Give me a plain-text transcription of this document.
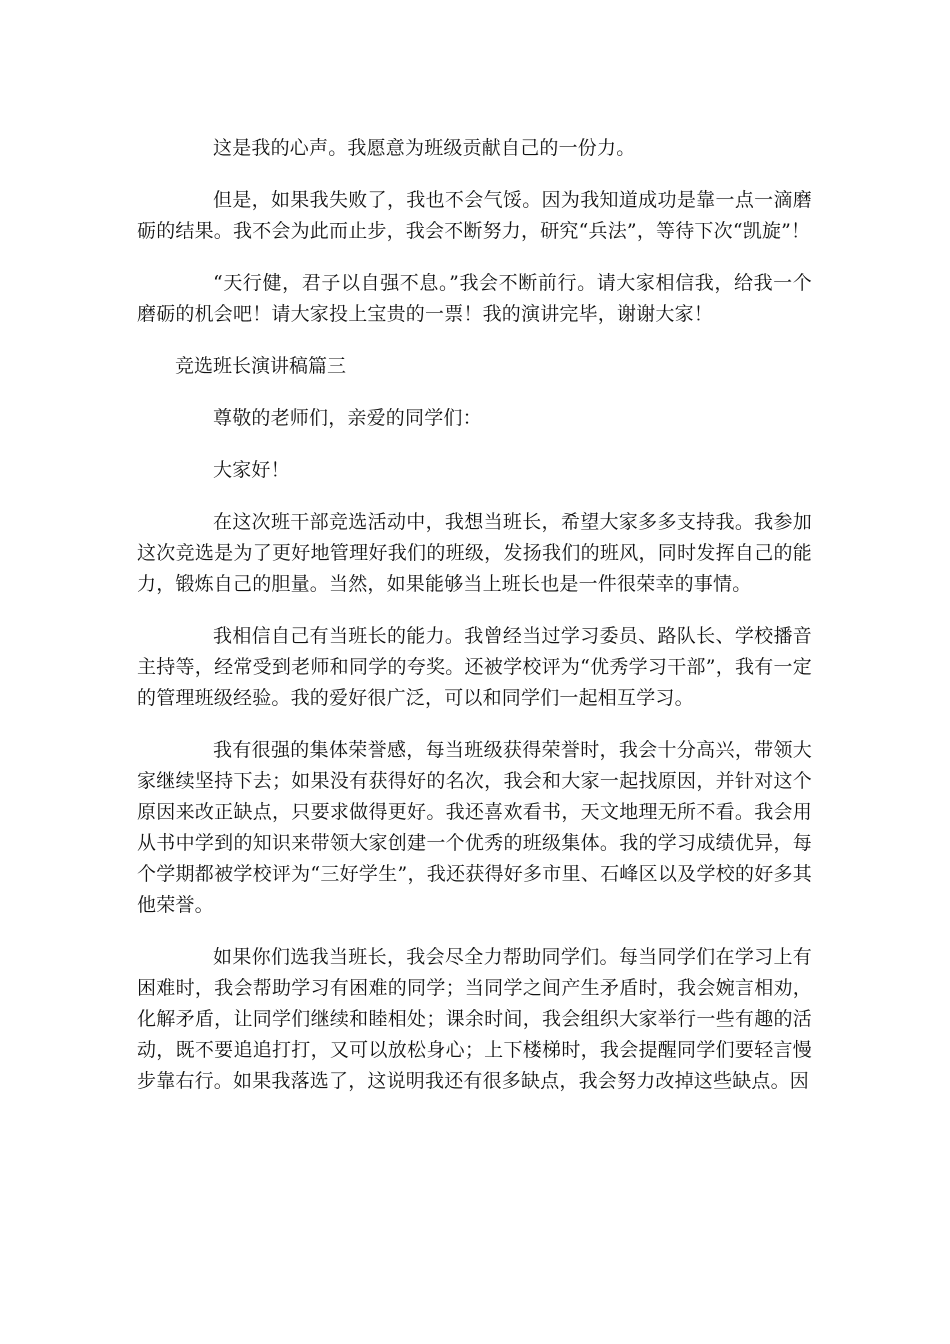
这是我的心声。我愿意为班级贡献自己的一份力。

但是，如果我失败了，我也不会气馁。因为我知道成功是靠一点一滴磨砺的结果。我不会为此而止步，我会不断努力，研究“兵法”，等待下次“凯旋”！

“天行健，君子以自强不息。”我会不断前行。请大家相信我，给我一个磨砺的机会吧！请大家投上宝贵的一票！我的演讲完毕，谢谢大家！

竞选班长演讲稿篇三

尊敬的老师们，亲爱的同学们：

大家好！

在这次班干部竞选活动中，我想当班长，希望大家多多支持我。我参加这次竞选是为了更好地管理好我们的班级，发扬我们的班风，同时发挥自己的能力，锻炼自己的胆量。当然，如果能够当上班长也是一件很荣幸的事情。

我相信自己有当班长的能力。我曾经当过学习委员、路队长、学校播音主持等，经常受到老师和同学的夸奖。还被学校评为“优秀学习干部”，我有一定的管理班级经验。我的爱好很广泛，可以和同学们一起相互学习。

我有很强的集体荣誉感，每当班级获得荣誉时，我会十分高兴，带领大家继续坚持下去；如果没有获得好的名次，我会和大家一起找原因，并针对这个原因来改正缺点，只要求做得更好。我还喜欢看书，天文地理无所不看。我会用从书中学到的知识来带领大家创建一个优秀的班级集体。我的学习成绩优异，每个学期都被学校评为“三好学生”，我还获得好多市里、石峰区以及学校的好多其他荣誉。

如果你们选我当班长，我会尽全力帮助同学们。每当同学们在学习上有困难时，我会帮助学习有困难的同学；当同学之间产生矛盾时，我会婉言相劝，化解矛盾，让同学们继续和睦相处；课余时间，我会组织大家举行一些有趣的活动，既不要追追打打，又可以放松身心；上下楼梯时，我会提醒同学们要轻言慢步靠右行。如果我落选了，这说明我还有很多缺点，我会努力改掉这些缺点。因
